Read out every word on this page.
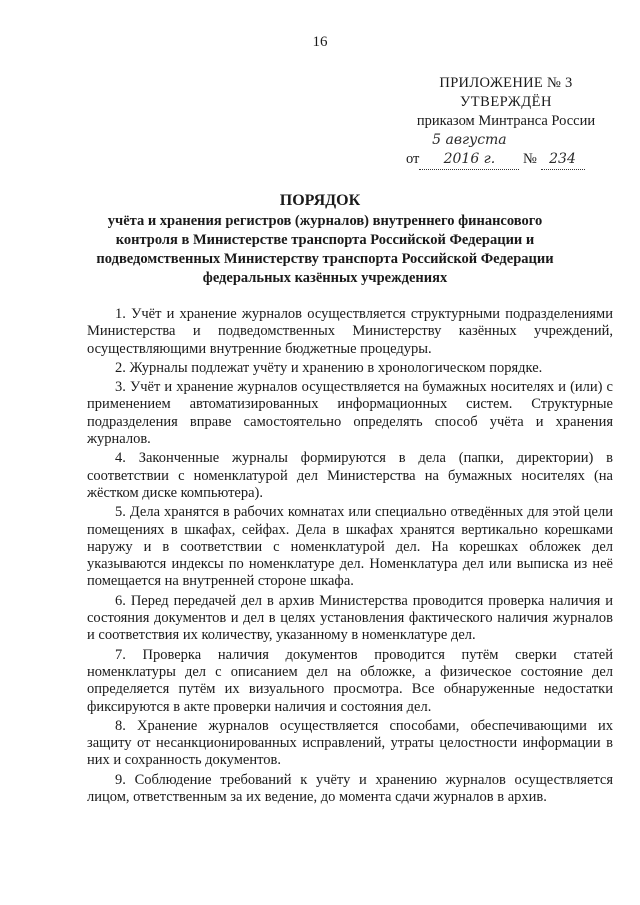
16
ПРИЛОЖЕНИЕ № 3
УТВЕРЖДЁН
приказом Минтранса России
от5 августа 2016 г. № 234
ПОРЯДОК
учёта и хранения регистров (журналов) внутреннего финансового контроля в Министерстве транспорта Российской Федерации и подведомственных Министерству транспорта Российской Федерации федеральных казённых учреждениях

1. Учёт и хранение журналов осуществляется структурными подразделениями Министерства и подведомственных Министерству казённых учреждений, осуществляющими внутренние бюджетные процедуры.

2. Журналы подлежат учёту и хранению в хронологическом порядке.

3. Учёт и хранение журналов осуществляется на бумажных носителях и (или) с применением автоматизированных информационных систем. Структурные подразделения вправе самостоятельно определять способ учёта и хранения журналов.

4. Законченные журналы формируются в дела (папки, директории) в соответствии с номенклатурой дел Министерства на бумажных носителях (на жёстком диске компьютера).

5. Дела хранятся в рабочих комнатах или специально отведённых для этой цели помещениях в шкафах, сейфах. Дела в шкафах хранятся вертикально корешками наружу и в соответствии с номенклатурой дел. На корешках обложек дел указываются индексы по номенклатуре дел. Номенклатура дел или выписка из неё помещается на внутренней стороне шкафа.

6. Перед передачей дел в архив Министерства проводится проверка наличия и состояния документов и дел в целях установления фактического наличия журналов и соответствия их количеству, указанному в номенклатуре дел.

7. Проверка наличия документов проводится путём сверки статей номенклатуры дел с описанием дел на обложке, а физическое состояние дел определяется путём их визуального просмотра. Все обнаруженные недостатки фиксируются в акте проверки наличия и состояния дел.

8. Хранение журналов осуществляется способами, обеспечивающими их защиту от несанкционированных исправлений, утраты целостности информации в них и сохранность документов.

9. Соблюдение требований к учёту и хранению журналов осуществляется лицом, ответственным за их ведение, до момента сдачи журналов в архив.
